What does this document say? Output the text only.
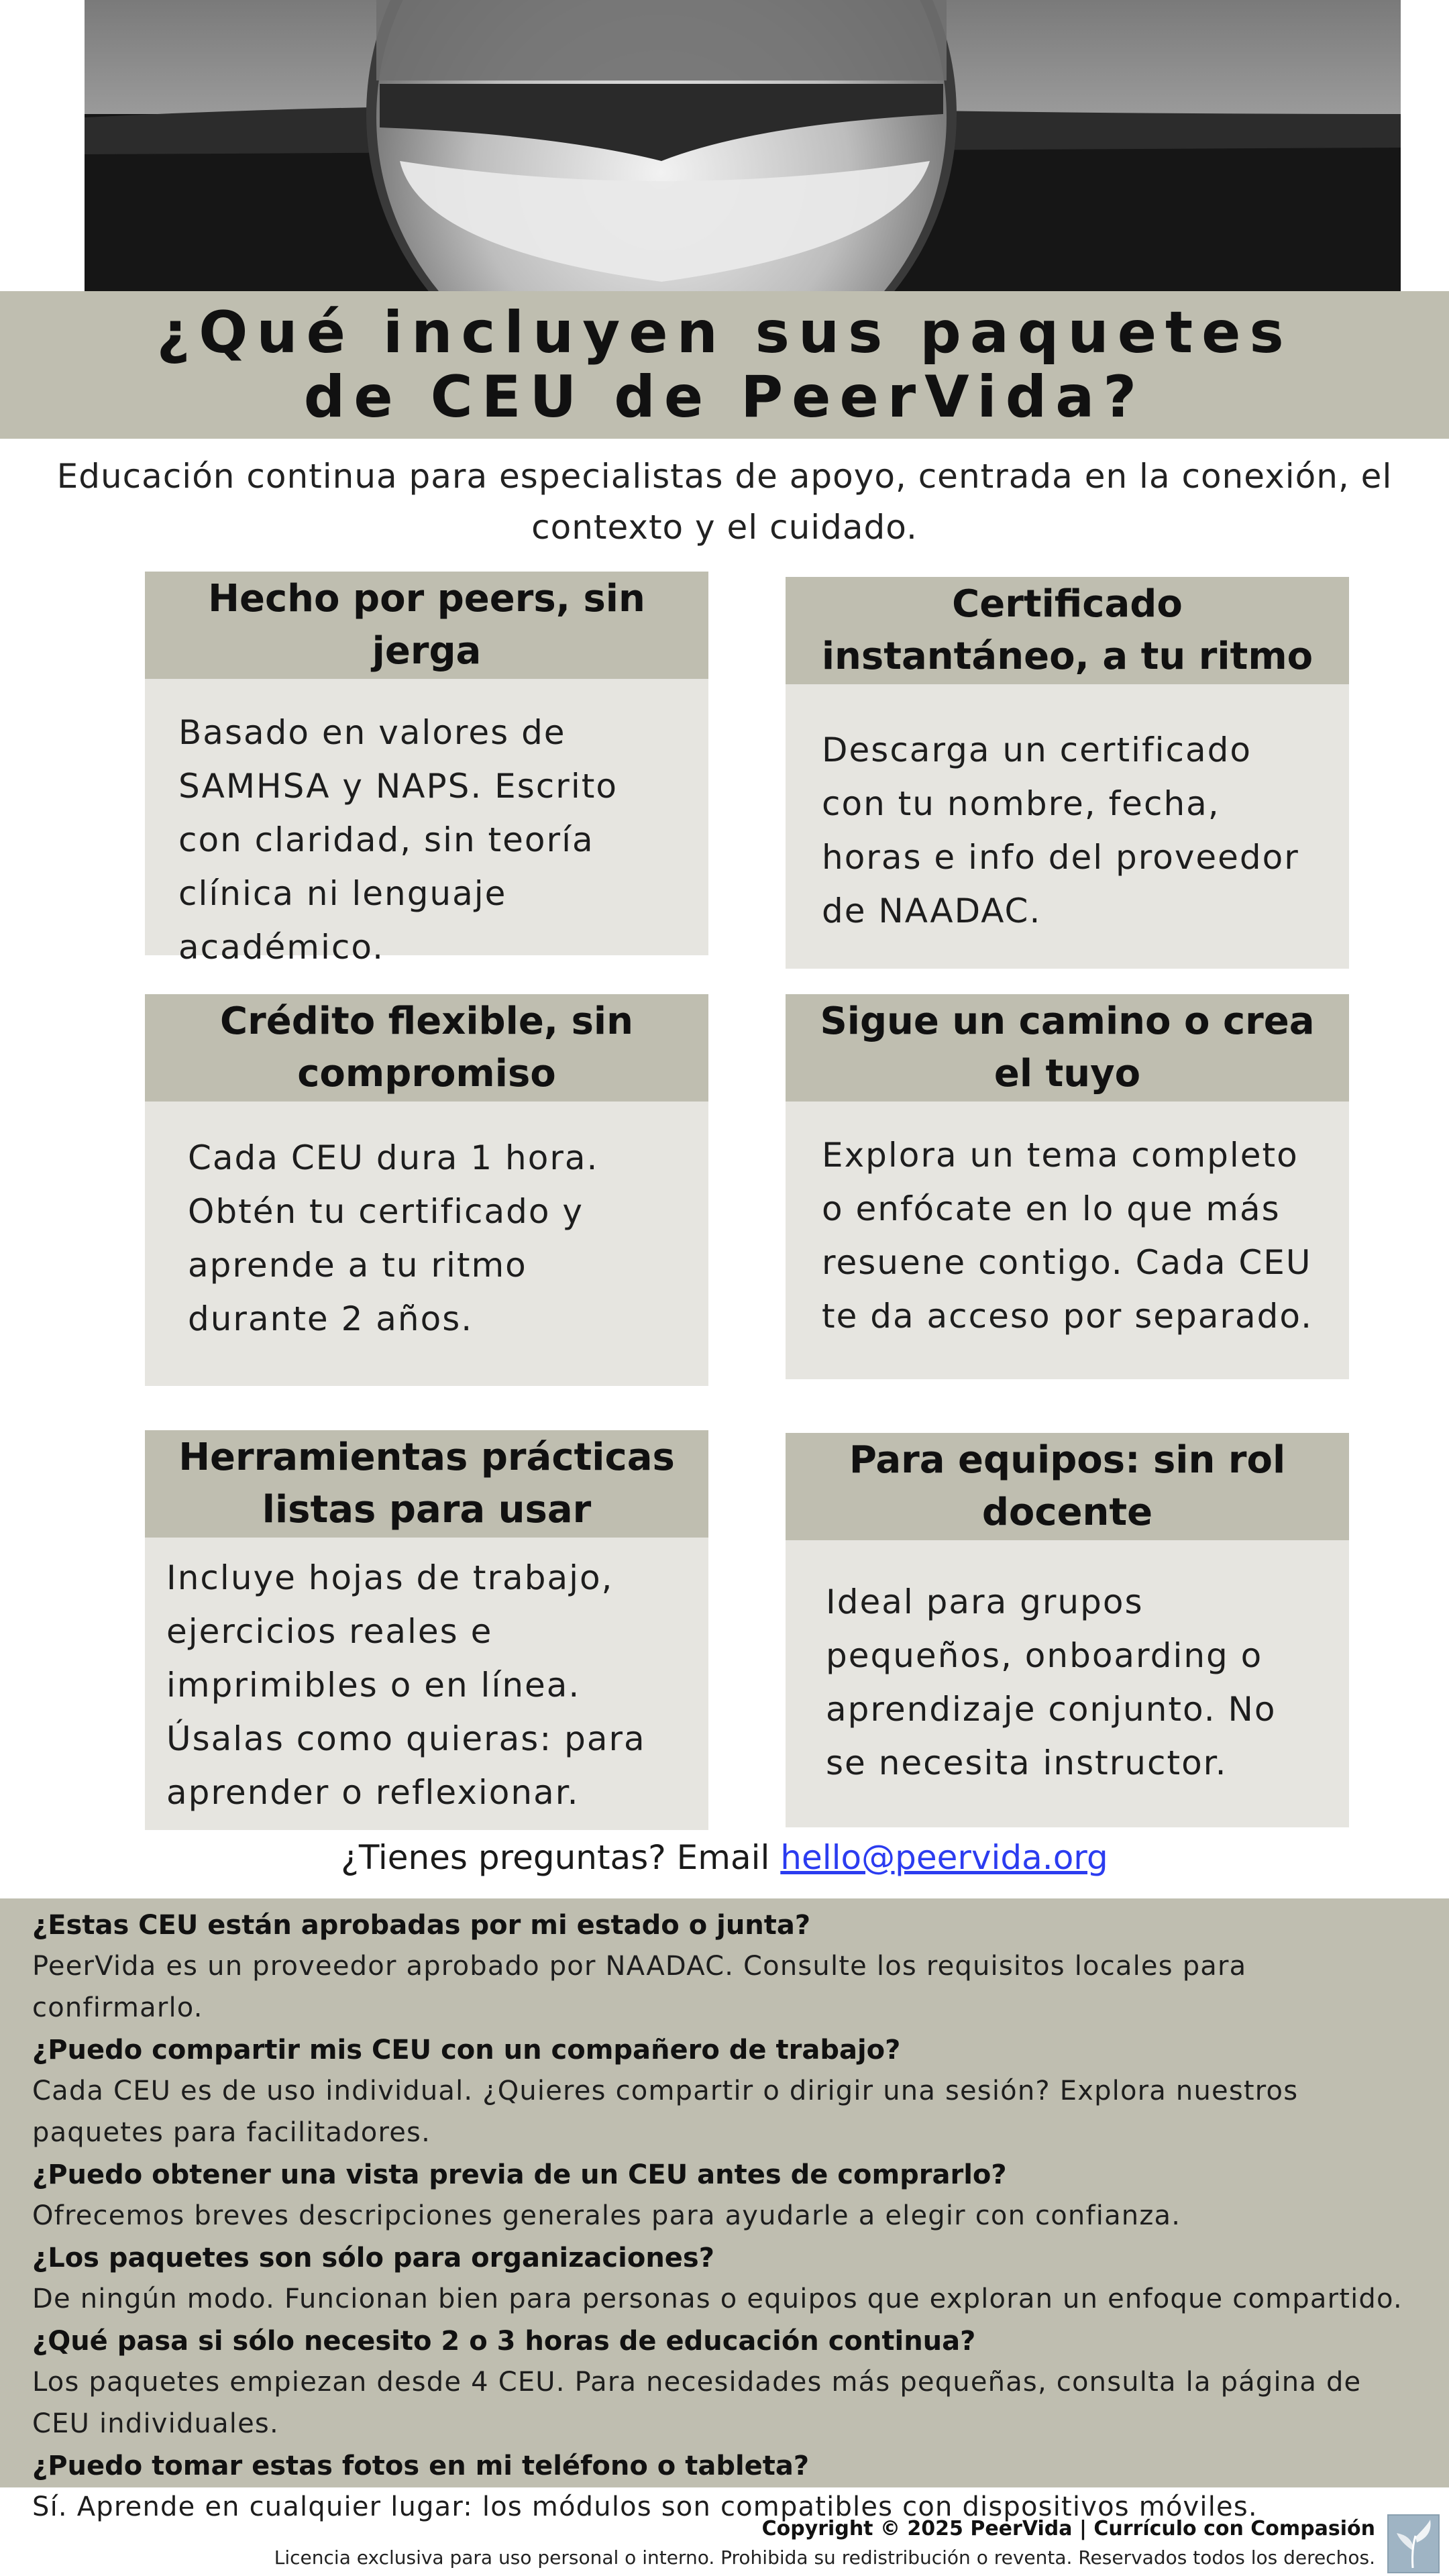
¿Qué incluyen sus paquetes de CEU de PeerVida?
Educación continua para especialistas de apoyo, centrada en la conexión, el contexto y el cuidado.
Hecho por peers, sin jerga
Basado en valores de SAMHSA y NAPS. Escrito con claridad, sin teoría clínica ni lenguaje académico.
Certificado instantáneo, a tu ritmo
Descarga un certificado con tu nombre, fecha, horas e info del proveedor de NAADAC.
Crédito flexible, sin compromiso
Cada CEU dura 1 hora. Obtén tu certificado y aprende a tu ritmo durante 2 años.
Sigue un camino o crea el tuyo
Explora un tema completo o enfócate en lo que más resuene contigo. Cada CEU te da acceso por separado.
Herramientas prácticas listas para usar
Incluye hojas de trabajo, ejercicios reales e imprimibles o en línea. Úsalas como quieras: para aprender o reflexionar.
Para equipos: sin rol docente
Ideal para grupos pequeños, onboarding o aprendizaje conjunto. No se necesita instructor.
¿Tienes preguntas? Email hello@peervida.org
¿Estas CEU están aprobadas por mi estado o junta?
PeerVida es un proveedor aprobado por NAADAC. Consulte los requisitos locales para confirmarlo.
¿Puedo compartir mis CEU con un compañero de trabajo?
Cada CEU es de uso individual. ¿Quieres compartir o dirigir una sesión? Explora nuestros paquetes para facilitadores.
¿Puedo obtener una vista previa de un CEU antes de comprarlo?
Ofrecemos breves descripciones generales para ayudarle a elegir con confianza.
¿Los paquetes son sólo para organizaciones?
De ningún modo. Funcionan bien para personas o equipos que exploran un enfoque compartido.
¿Qué pasa si sólo necesito 2 o 3 horas de educación continua?
Los paquetes empiezan desde 4 CEU. Para necesidades más pequeñas, consulta la página de CEU individuales.
¿Puedo tomar estas fotos en mi teléfono o tableta?
Sí. Aprende en cualquier lugar: los módulos son compatibles con dispositivos móviles.
Copyright © 2025 PeerVida | Currículo con Compasión
Licencia exclusiva para uso personal o interno. Prohibida su redistribución o reventa. Reservados todos los derechos.
